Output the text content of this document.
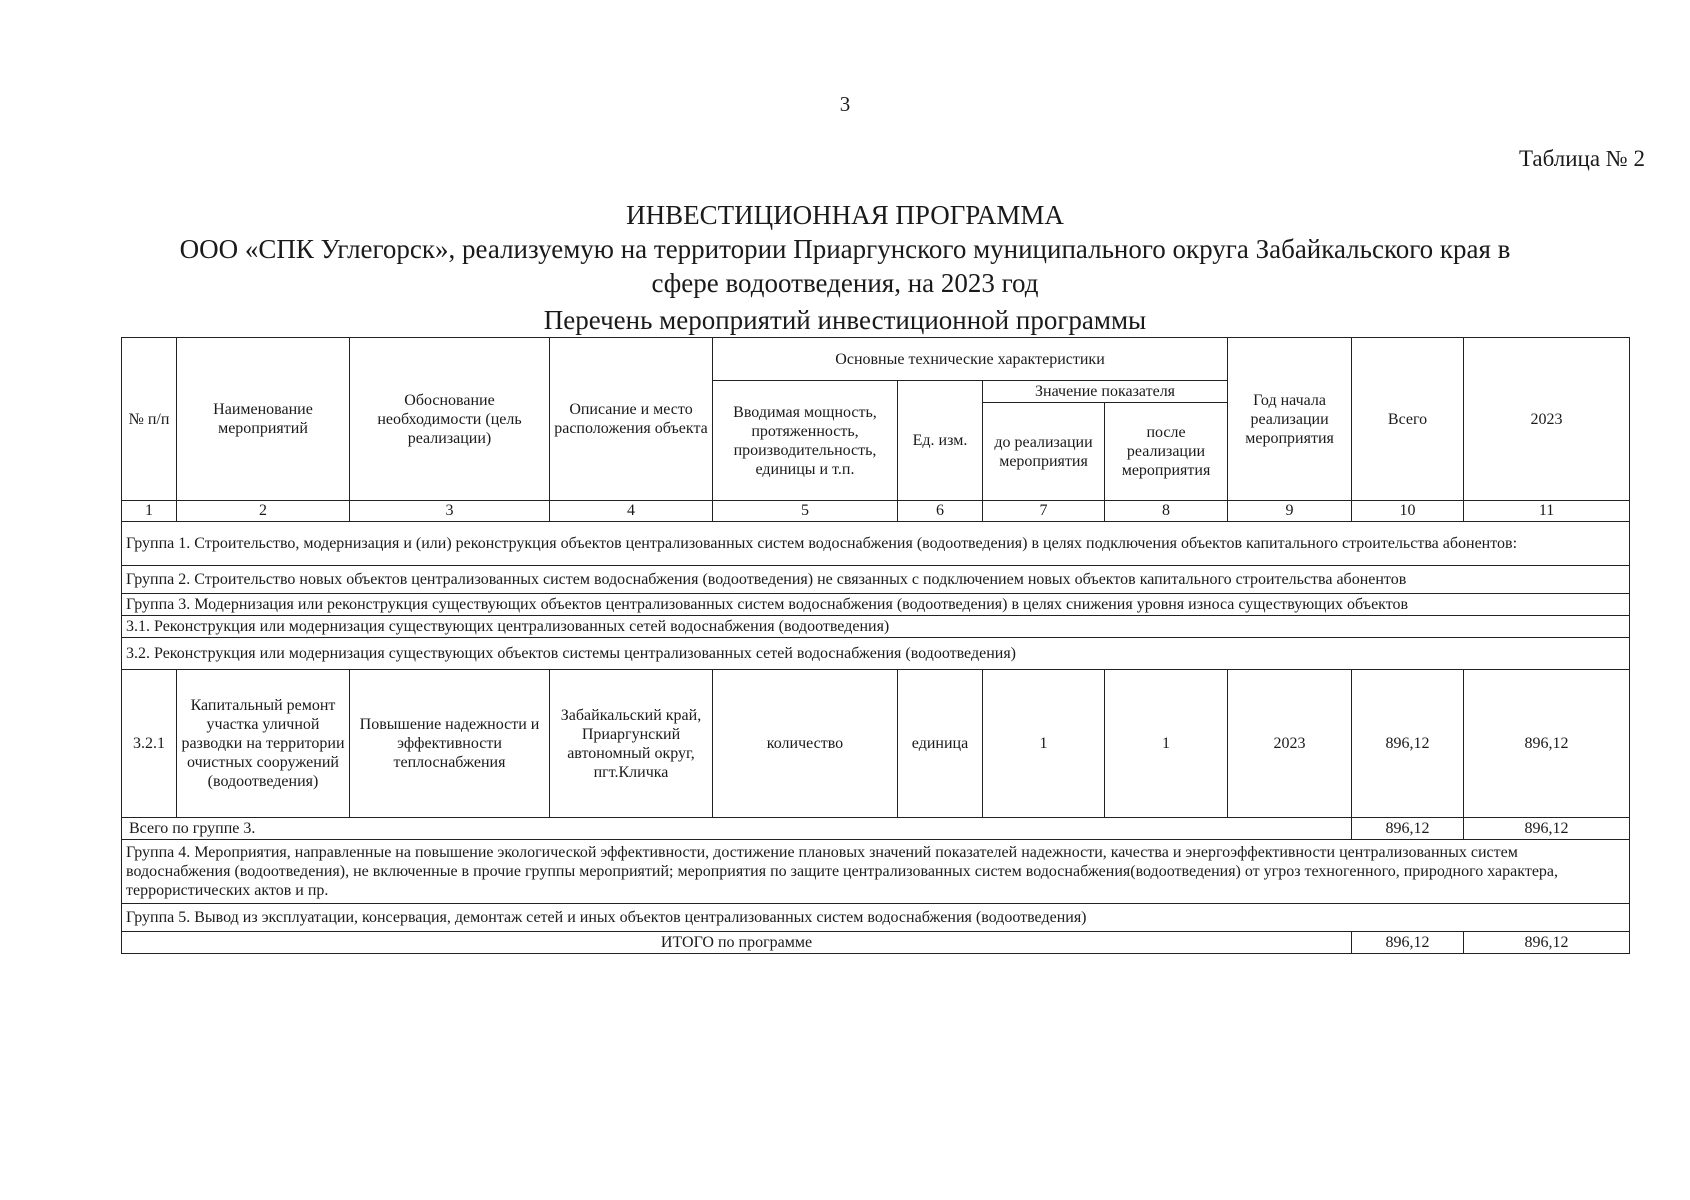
3
Таблица № 2
ИНВЕСТИЦИОННАЯ ПРОГРАММА
ООО «СПК Углегорск», реализуемую на территории Приаргунского муниципального округа Забайкальского края в
сфере водоотведения, на 2023 год
Перечень мероприятий инвестиционной программы
№ п/п	Наименование мероприятий	Обоснование необходимости (цель реализации)	Описание и место расположения объекта	Основные технические характеристики				Год начала реализации мероприятия	Всего	2023
				Вводимая мощность, протяженность, производительность, единицы и т.п.	Ед. изм.	Значение показателя				
						до реализации мероприятия	после реализации мероприятия			
1	2	3	4	5	6	7	8	9	10	11
Группа 1. Строительство, модернизация и (или) реконструкция объектов централизованных систем водоснабжения (водоотведения) в целях подключения объектов капитального строительства абонентов:										
Группа 2. Строительство новых объектов централизованных систем водоснабжения (водоотведения) не связанных с подключением новых объектов капитального строительства абонентов										
Группа 3. Модернизация или реконструкция существующих объектов централизованных систем водоснабжения (водоотведения) в целях снижения уровня износа существующих объектов										
3.1. Реконструкция или модернизация существующих централизованных сетей водоснабжения (водоотведения)										
3.2. Реконструкция или модернизация существующих объектов системы централизованных сетей водоснабжения (водоотведения)										
3.2.1	Капитальный ремонт участка уличной разводки на территории очистных сооружений (водоотведения)	Повышение надежности и эффективности теплоснабжения	Забайкальский край, Приаргунский автономный округ, пгт.Кличка	количество	единица	1	1	2023	896,12	896,12
Всего по группе 3.									896,12	896,12
Группа 4. Мероприятия, направленные на повышение экологической эффективности, достижение плановых значений показателей надежности, качества и энергоэффективности централизованных систем водоснабжения (водоотведения), не включенные в прочие группы мероприятий; мероприятия по защите централизованных систем водоснабжения(водоотведения) от угроз техногенного, природного характера, террористических актов и пр.										
Группа 5. Вывод из эксплуатации, консервация, демонтаж сетей и иных объектов централизованных систем водоснабжения (водоотведения)										
ИТОГО по программе									896,12	896,12
